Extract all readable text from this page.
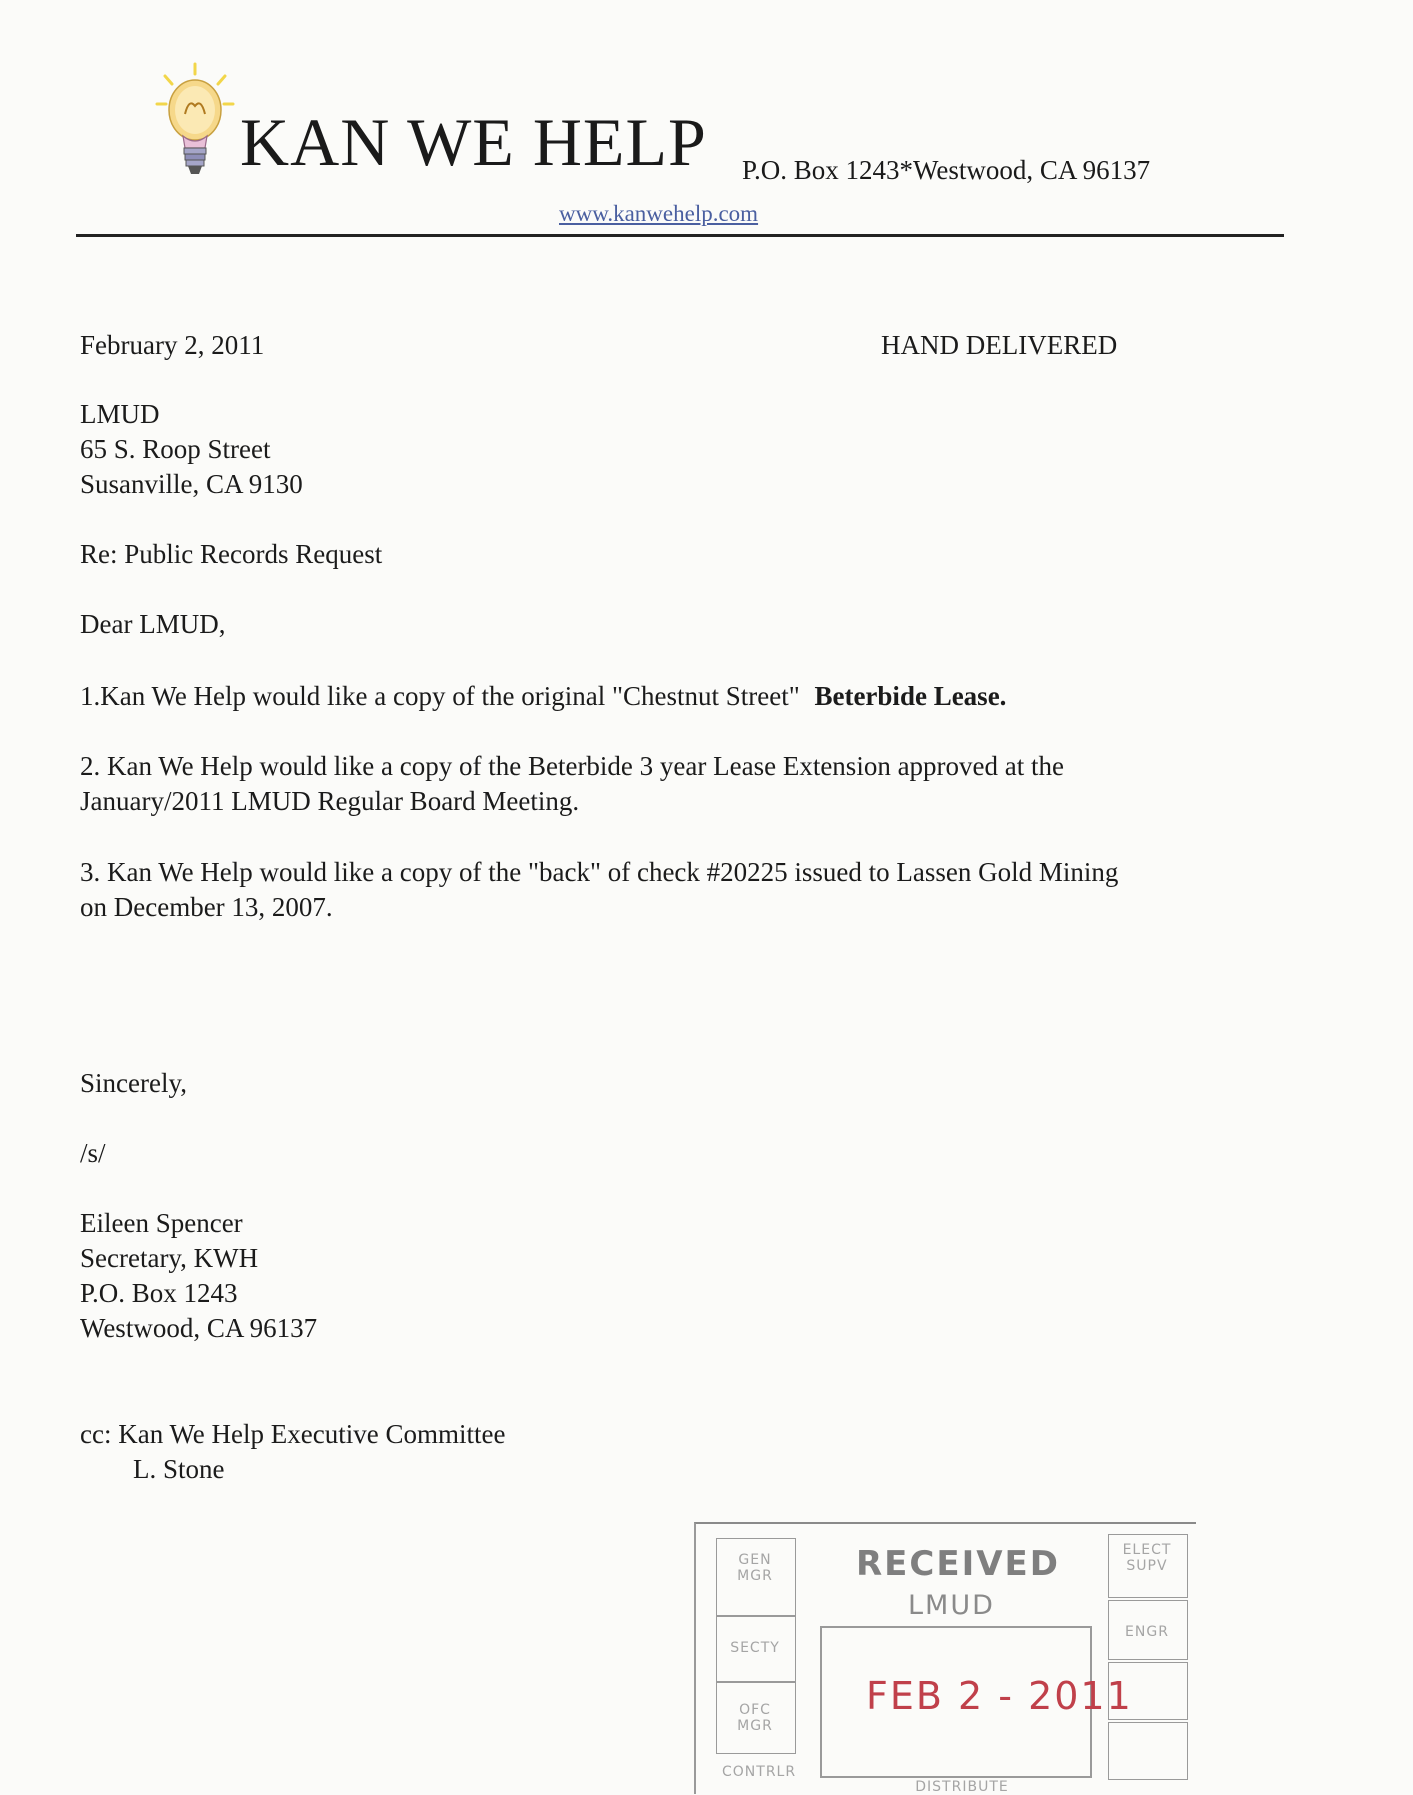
KAN WE HELP P.O. Box 1243*Westwood, CA 96137
www.kanwehelp.com
February 2, 2011	HAND DELIVERED
LMUD
65 S. Roop Street
Susanville, CA 9130
Re: Public Records Request
Dear LMUD,
1.Kan We Help would like a copy of the original "Chestnut Street" Beterbide Lease.
2. Kan We Help would like a copy of the Beterbide 3 year Lease Extension approved at the
January/2011 LMUD Regular Board Meeting.
3. Kan We Help would like a copy of the "back" of check #20225 issued to Lassen Gold Mining
on December 13, 2007.
Sincerely,
/s/
Eileen Spencer
Secretary, KWH
P.O. Box 1243
Westwood, CA 96137
cc: Kan We Help Executive Committee
L. Stone
GEN MGR
SECTY
OFC MGR
CONTRLR
RECEIVED
LMUD
FEB 2 - 2011
DISTRIBUTE
ELECT SUPV
ENGR
